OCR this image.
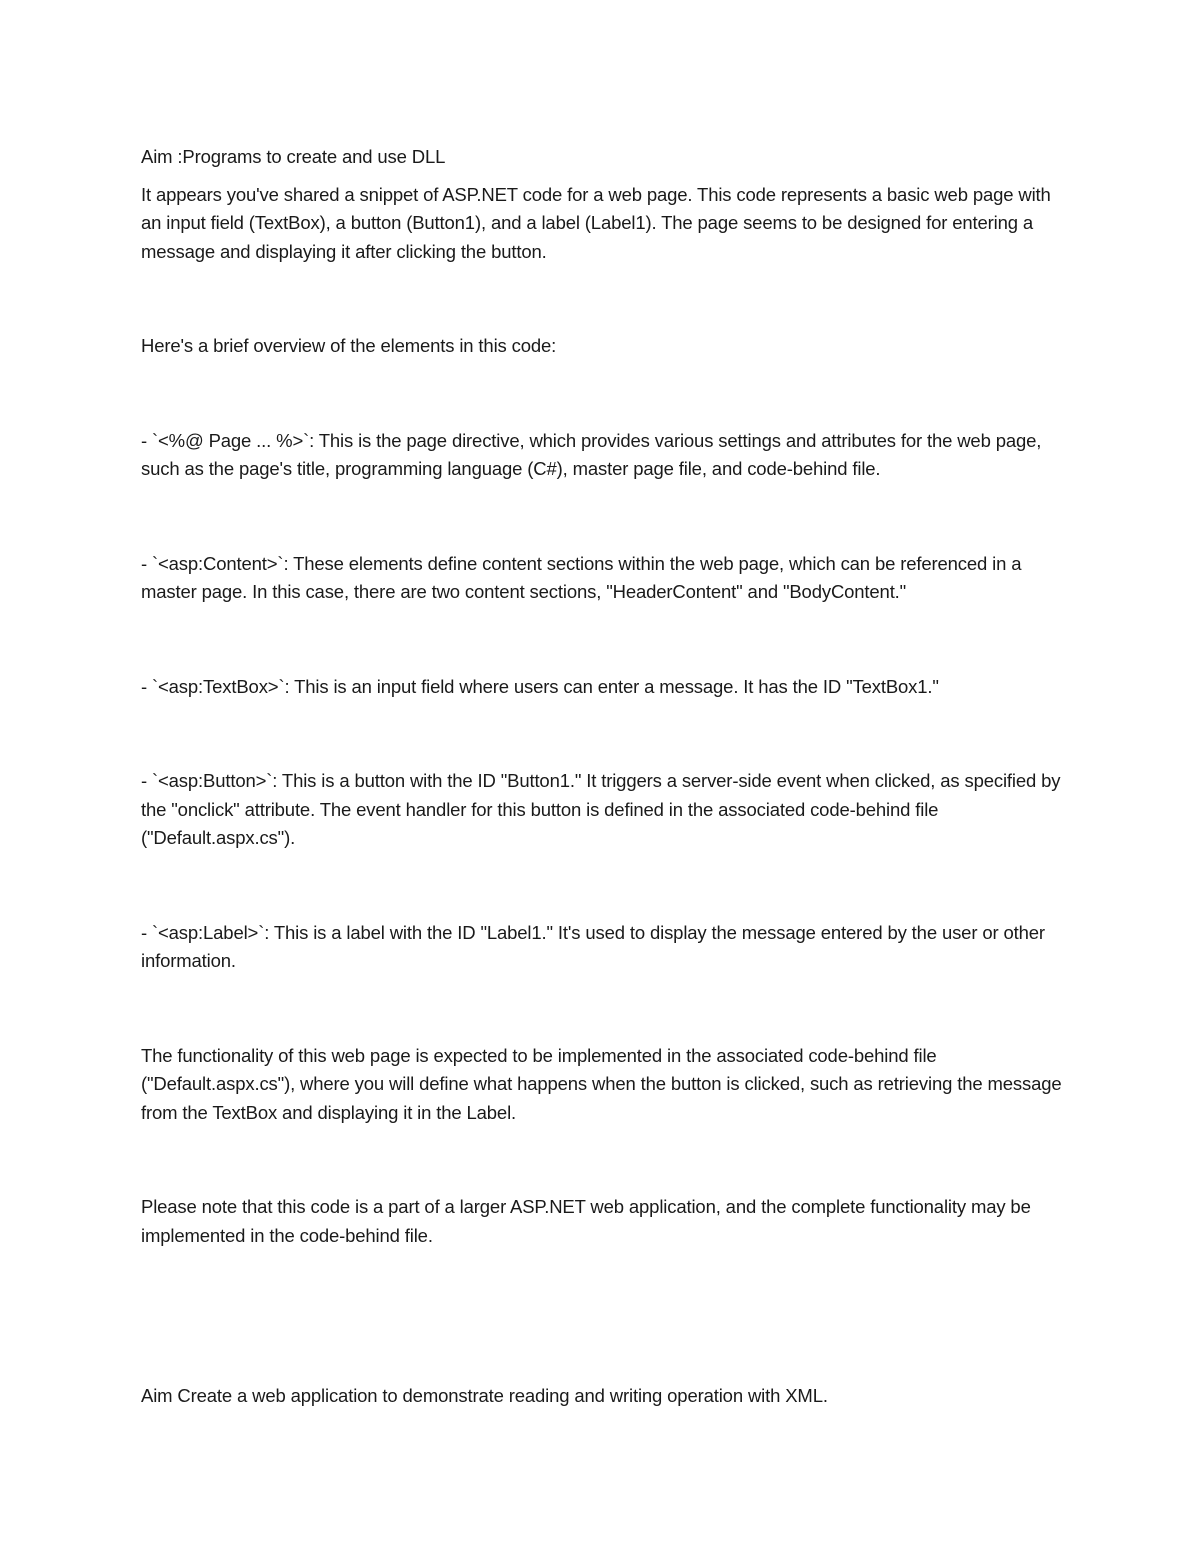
Aim :Programs to create and use DLL

It appears you've shared a snippet of ASP.NET code for a web page. This code represents a basic web page with an input field (TextBox), a button (Button1), and a label (Label1). The page seems to be designed for entering a message and displaying it after clicking the button.

Here's a brief overview of the elements in this code:

- `<%@ Page ... %>`: This is the page directive, which provides various settings and attributes for the web page, such as the page's title, programming language (C#), master page file, and code-behind file.

- `<asp:Content>`: These elements define content sections within the web page, which can be referenced in a master page. In this case, there are two content sections, "HeaderContent" and "BodyContent."

- `<asp:TextBox>`: This is an input field where users can enter a message. It has the ID "TextBox1."

- `<asp:Button>`: This is a button with the ID "Button1." It triggers a server-side event when clicked, as specified by the "onclick" attribute. The event handler for this button is defined in the associated code-behind file ("Default.aspx.cs").

- `<asp:Label>`: This is a label with the ID "Label1." It's used to display the message entered by the user or other information.

The functionality of this web page is expected to be implemented in the associated code-behind file ("Default.aspx.cs"), where you will define what happens when the button is clicked, such as retrieving the message from the TextBox and displaying it in the Label.

Please note that this code is a part of a larger ASP.NET web application, and the complete functionality may be implemented in the code-behind file.

Aim Create a web application to demonstrate reading and writing operation with XML.
